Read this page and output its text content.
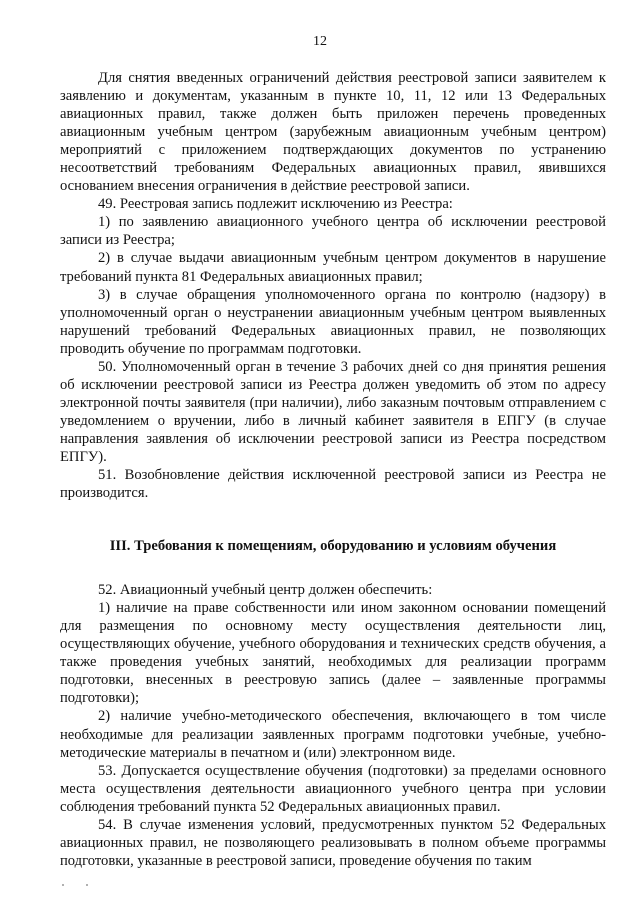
12

Для снятия введенных ограничений действия реестровой записи заявителем к заявлению и документам, указанным в пункте 10, 11, 12 или 13 Федеральных авиационных правил, также должен быть приложен перечень проведенных авиационным учебным центром (зарубежным авиационным учебным центром) мероприятий с приложением подтверждающих документов по устранению несоответствий требованиям Федеральных авиационных правил, явившихся основанием внесения ограничения в действие реестровой записи.

49. Реестровая запись подлежит исключению из Реестра:

1) по заявлению авиационного учебного центра об исключении реестровой записи из Реестра;

2) в случае выдачи авиационным учебным центром документов в нарушение требований пункта 81 Федеральных авиационных правил;

3) в случае обращения уполномоченного органа по контролю (надзору) в уполномоченный орган о неустранении авиационным учебным центром выявленных нарушений требований Федеральных авиационных правил, не позволяющих проводить обучение по программам подготовки.

50. Уполномоченный орган в течение 3 рабочих дней со дня принятия решения об исключении реестровой записи из Реестра должен уведомить об этом по адресу электронной почты заявителя (при наличии), либо заказным почтовым отправлением с уведомлением о вручении, либо в личный кабинет заявителя в ЕПГУ (в случае направления заявления об исключении реестровой записи из Реестра посредством ЕПГУ).

51. Возобновление действия исключенной реестровой записи из Реестра не производится.

III. Требования к помещениям, оборудованию и условиям обучения

52. Авиационный учебный центр должен обеспечить:

1) наличие на праве собственности или ином законном основании помещений для размещения по основному месту осуществления деятельности лиц, осуществляющих обучение, учебного оборудования и технических средств обучения, а также проведения учебных занятий, необходимых для реализации программ подготовки, внесенных в реестровую запись (далее – заявленные программы подготовки);

2) наличие учебно-методического обеспечения, включающего в том числе необходимые для реализации заявленных программ подготовки учебные, учебно-методические материалы в печатном и (или) электронном виде.

53. Допускается осуществление обучения (подготовки) за пределами основного места осуществления деятельности авиационного учебного центра при условии соблюдения требований пункта 52 Федеральных авиационных правил.

54. В случае изменения условий, предусмотренных пунктом 52 Федеральных авиационных правил, не позволяющего реализовывать в полном объеме программы подготовки, указанные в реестровой записи, проведение обучения по таким
